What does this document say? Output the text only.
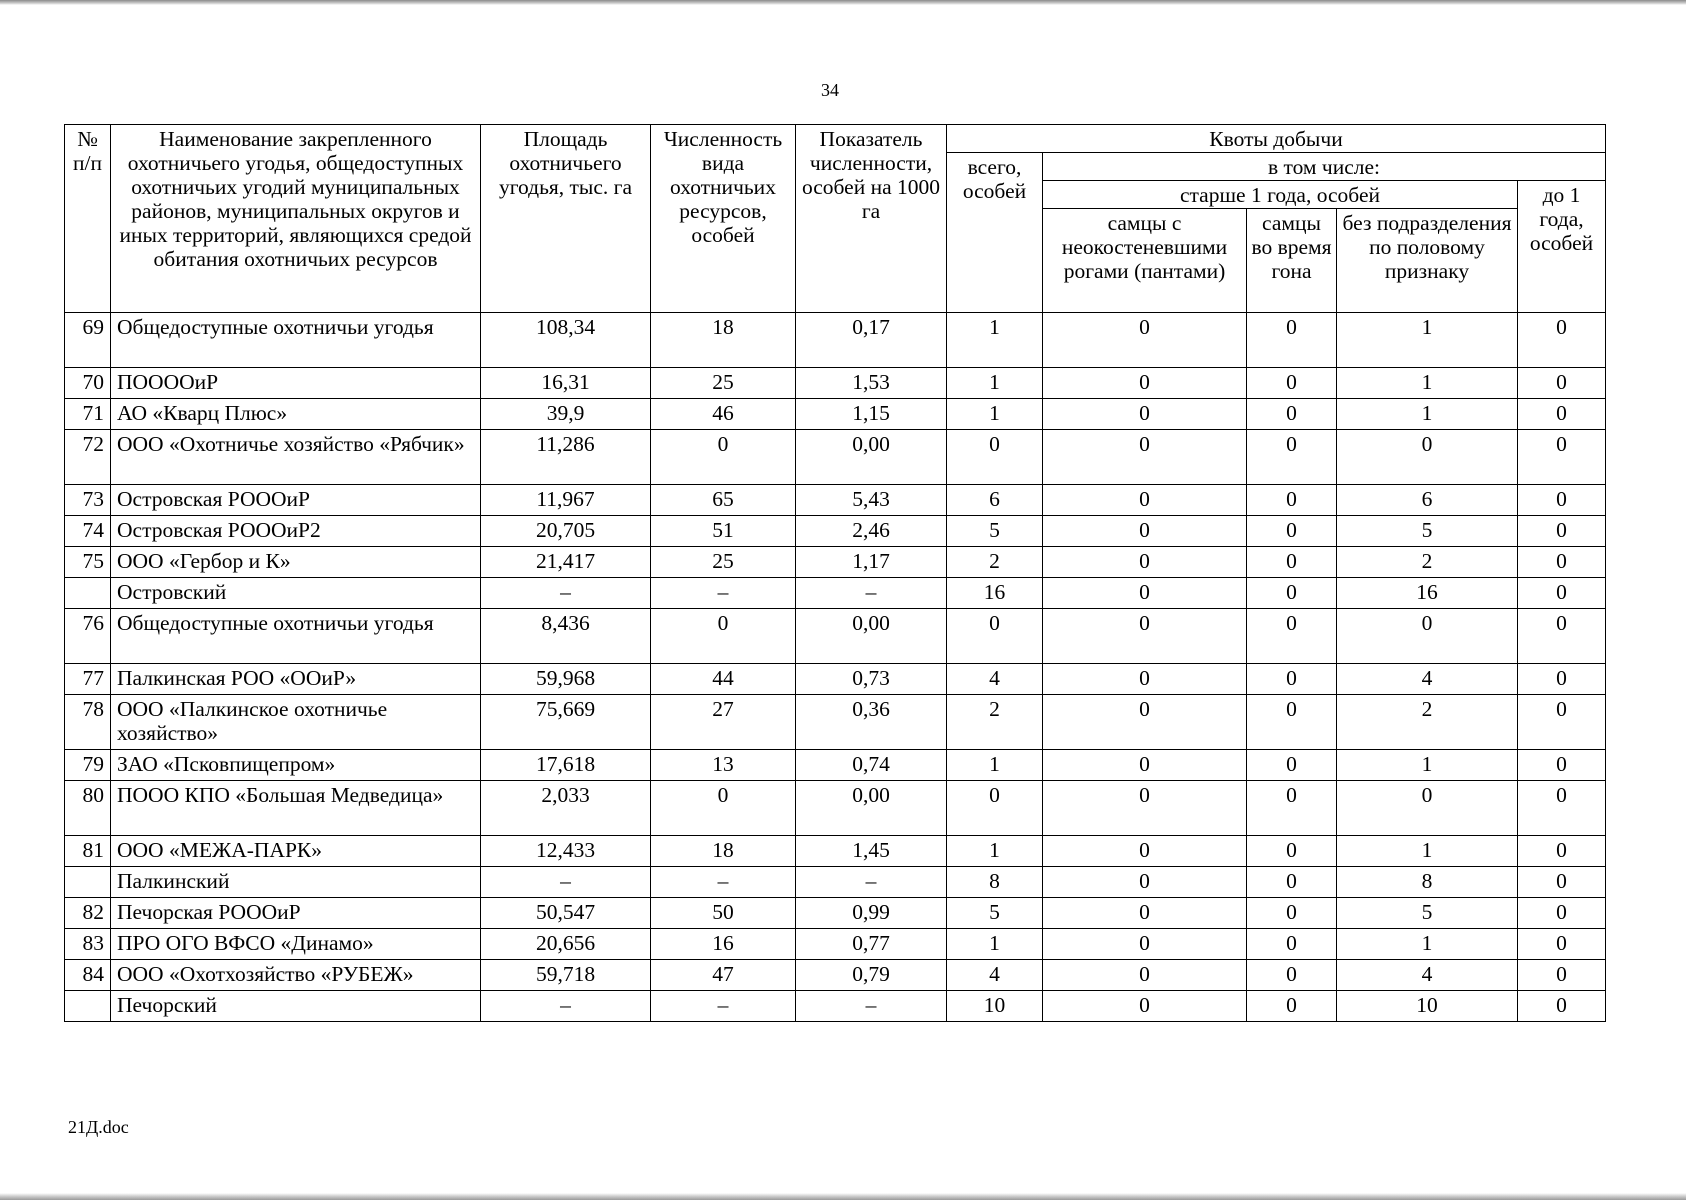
34
№ п/п	Наименование закрепленного охотничьего угодья, общедоступных охотничьих угодий муниципальных районов, муниципальных округов и иных территорий, являющихся средой обитания охотничьих ресурсов	Площадь охотничьего угодья, тыс. га	Численность вида охотничьих ресурсов, особей	Показатель численности, особей на 1000 га	Квоты добычи				
					всего, особей	в том числе:			
						старше 1 года, особей			до 1 года, особей
						самцы с неокостеневшими рогами (пантами)	самцы во время гона	без подразделения по половому признаку	
69	Общедоступные охотничьи угодья	108,34	18	0,17	1	0	0	1	0
70	ПООООиР	16,31	25	1,53	1	0	0	1	0
71	АО «Кварц Плюс»	39,9	46	1,15	1	0	0	1	0
72	ООО «Охотничье хозяйство «Рябчик»	11,286	0	0,00	0	0	0	0	0
73	Островская РОООиР	11,967	65	5,43	6	0	0	6	0
74	Островская РОООиР2	20,705	51	2,46	5	0	0	5	0
75	ООО «Гербор и К»	21,417	25	1,17	2	0	0	2	0
	Островский	–	–	–	16	0	0	16	0
76	Общедоступные охотничьи угодья	8,436	0	0,00	0	0	0	0	0
77	Палкинская РОО «ООиР»	59,968	44	0,73	4	0	0	4	0
78	ООО «Палкинское охотничье хозяйство»	75,669	27	0,36	2	0	0	2	0
79	ЗАО «Псковпищепром»	17,618	13	0,74	1	0	0	1	0
80	ПООО КПО «Большая Медведица»	2,033	0	0,00	0	0	0	0	0
81	ООО «МЕЖА-ПАРК»	12,433	18	1,45	1	0	0	1	0
	Палкинский	–	–	–	8	0	0	8	0
82	Печорская РОООиР	50,547	50	0,99	5	0	0	5	0
83	ПРО ОГО ВФСО «Динамо»	20,656	16	0,77	1	0	0	1	0
84	ООО «Охотхозяйство «РУБЕЖ»	59,718	47	0,79	4	0	0	4	0
	Печорский	–	–	–	10	0	0	10	0
21Д.doc
